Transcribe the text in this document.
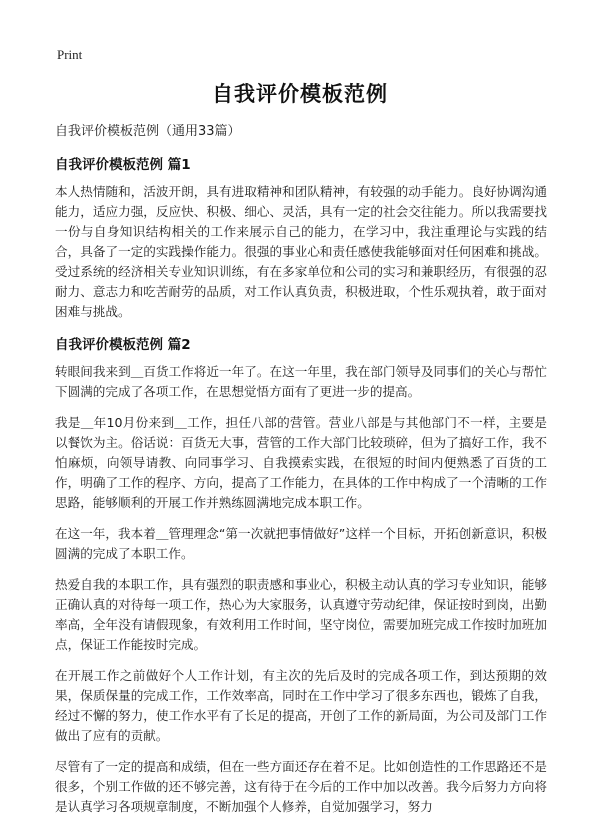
Print
自我评价模板范例
自我评价模板范例（通用33篇）
自我评价模板范例 篇1

本人热情随和，活波开朗，具有进取精神和团队精神，有较强的动手能力。良好协调沟通能力，适应力强，反应快、积极、细心、灵活，具有一定的社会交往能力。所以我需要找一份与自身知识结构相关的工作来展示自己的能力，在学习中，我注重理论与实践的结合，具备了一定的实践操作能力。很强的事业心和责任感使我能够面对任何困难和挑战。受过系统的经济相关专业知识训练，有在多家单位和公司的实习和兼职经历，有很强的忍耐力、意志力和吃苦耐劳的品质，对工作认真负责，积极进取，个性乐观执着，敢于面对困难与挑战。

自我评价模板范例 篇2

转眼间我来到＿百货工作将近一年了。在这一年里，我在部门领导及同事们的关心与帮忙下圆满的完成了各项工作，在思想觉悟方面有了更进一步的提高。

我是＿年10月份来到＿工作，担任八部的营管。营业八部是与其他部门不一样，主要是以餐饮为主。俗话说：百货无大事，营管的工作大部门比较琐碎，但为了搞好工作，我不怕麻烦，向领导请教、向同事学习、自我摸索实践，在很短的时间内便熟悉了百货的工作，明确了工作的程序、方向，提高了工作能力，在具体的工作中构成了一个清晰的工作思路，能够顺利的开展工作并熟练圆满地完成本职工作。

在这一年，我本着＿管理理念“第一次就把事情做好”这样一个目标，开拓创新意识，积极圆满的完成了本职工作。

热爱自我的本职工作，具有强烈的职责感和事业心，积极主动认真的学习专业知识，能够正确认真的对待每一项工作，热心为大家服务，认真遵守劳动纪律，保证按时到岗，出勤率高，全年没有请假现象，有效利用工作时间，坚守岗位，需要加班完成工作按时加班加点，保证工作能按时完成。

在开展工作之前做好个人工作计划，有主次的先后及时的完成各项工作，到达预期的效果，保质保量的完成工作，工作效率高，同时在工作中学习了很多东西也，锻炼了自我，经过不懈的努力，使工作水平有了长足的提高，开创了工作的新局面，为公司及部门工作做出了应有的贡献。

尽管有了一定的提高和成绩，但在一些方面还存在着不足。比如创造性的工作思路还不是很多，个别工作做的还不够完善，这有待于在今后的工作中加以改善。我今后努力方向将是认真学习各项规章制度，不断加强个人修养，自觉加强学习，努力
